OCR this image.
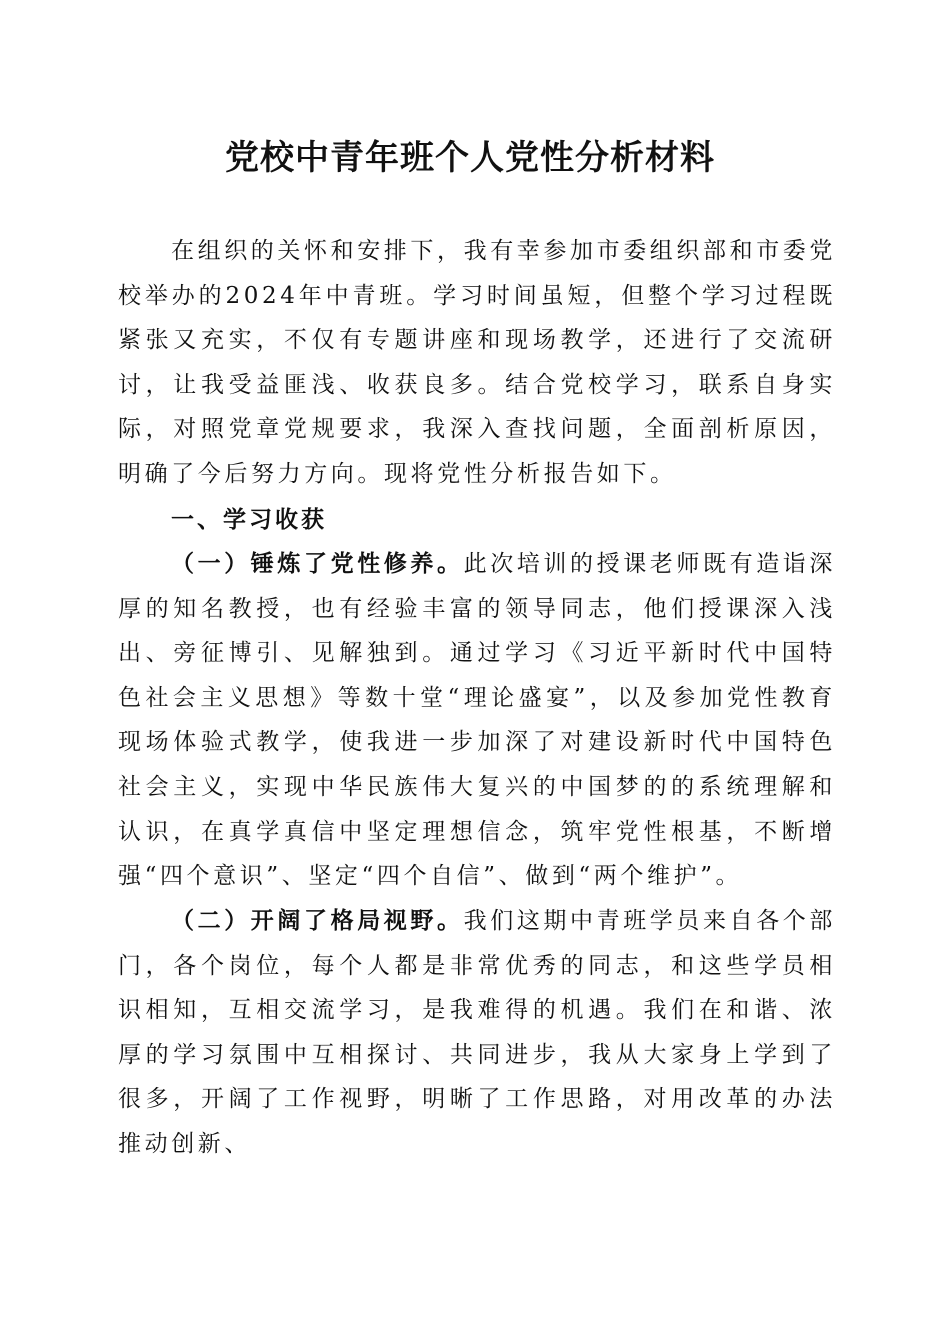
党校中青年班个人党性分析材料

在组织的关怀和安排下，我有幸参加市委组织部和市委党校举办的2024年中青班。学习时间虽短，但整个学习过程既紧张又充实，不仅有专题讲座和现场教学，还进行了交流研讨，让我受益匪浅、收获良多。结合党校学习，联系自身实际，对照党章党规要求，我深入查找问题，全面剖析原因，明确了今后努力方向。现将党性分析报告如下。

一、学习收获

（一）锤炼了党性修养。此次培训的授课老师既有造诣深厚的知名教授，也有经验丰富的领导同志，他们授课深入浅出、旁征博引、见解独到。通过学习《习近平新时代中国特色社会主义思想》等数十堂“理论盛宴”，以及参加党性教育现场体验式教学，使我进一步加深了对建设新时代中国特色社会主义，实现中华民族伟大复兴的中国梦的的系统理解和认识，在真学真信中坚定理想信念，筑牢党性根基，不断增强“四个意识”、坚定“四个自信”、做到“两个维护”。

（二）开阔了格局视野。我们这期中青班学员来自各个部门，各个岗位，每个人都是非常优秀的同志，和这些学员相识相知，互相交流学习，是我难得的机遇。我们在和谐、浓厚的学习氛围中互相探讨、共同进步，我从大家身上学到了很多，开阔了工作视野，明晰了工作思路，对用改革的办法推动创新、
